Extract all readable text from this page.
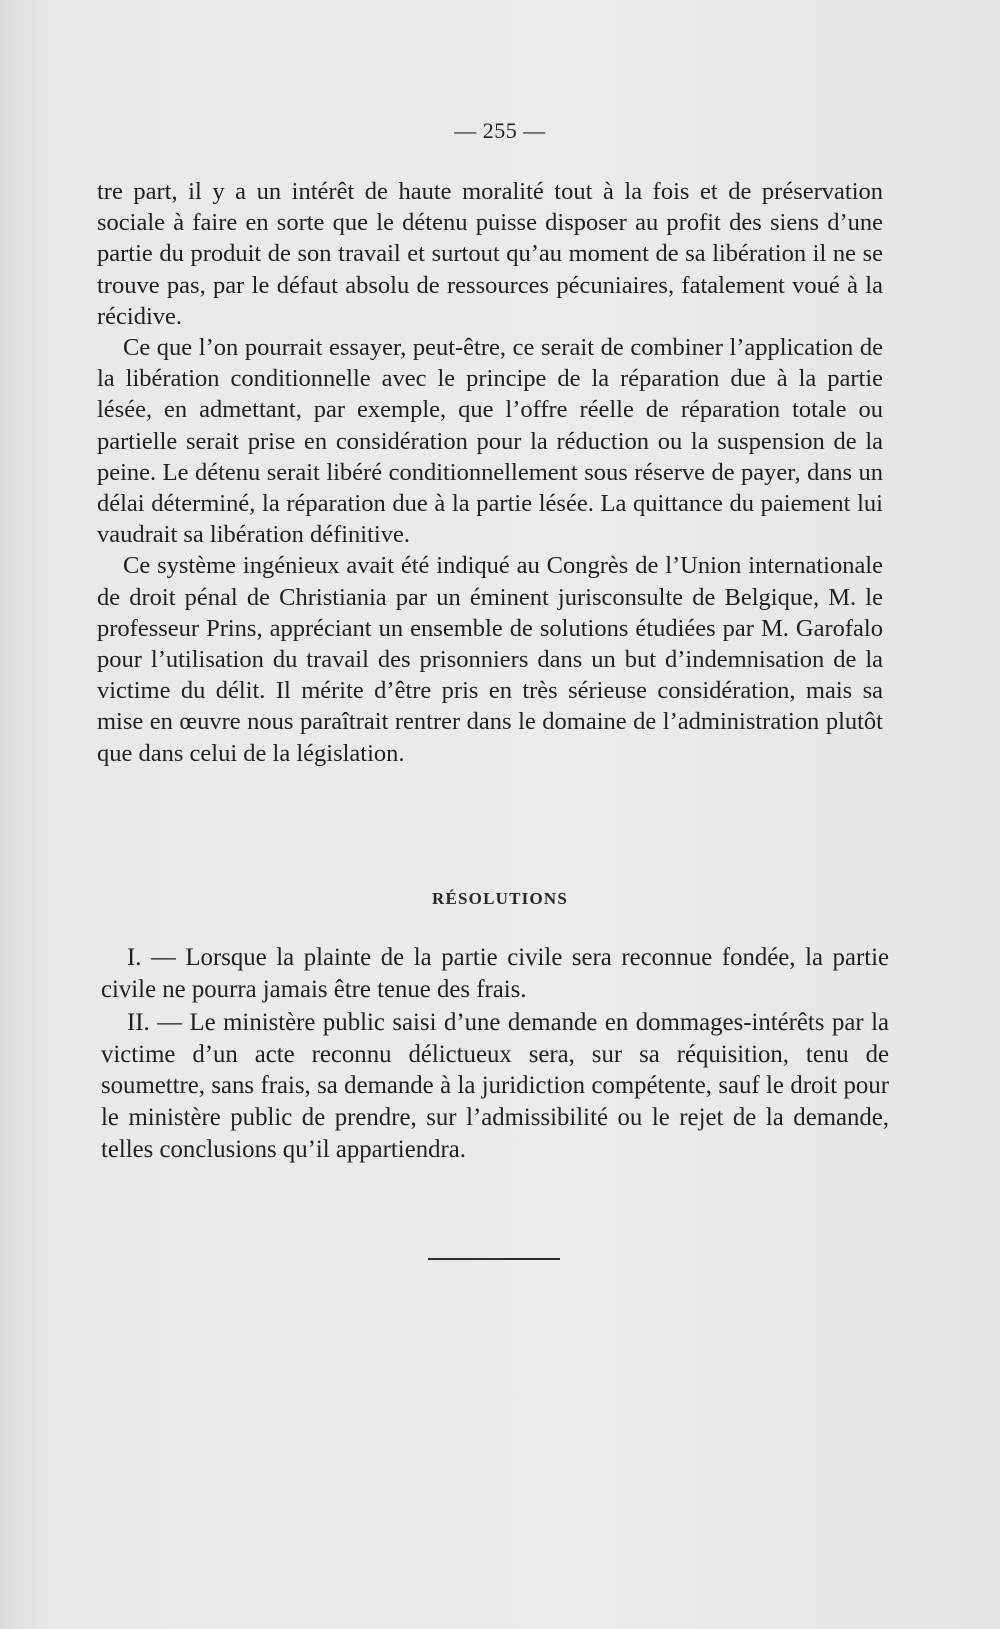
— 255 —

tre part, il y a un intérêt de haute moralité tout à la fois et de préservation sociale à faire en sorte que le détenu puisse disposer au profit des siens d’une partie du produit de son travail et surtout qu’au moment de sa libération il ne se trouve pas, par le défaut absolu de ressources pécuniaires, fatalement voué à la récidive.

Ce que l’on pourrait essayer, peut-être, ce serait de combiner l’application de la libération conditionnelle avec le principe de la réparation due à la partie lésée, en admettant, par exemple, que l’offre réelle de réparation totale ou partielle serait prise en considération pour la réduction ou la suspension de la peine. Le détenu serait libéré conditionnellement sous réserve de payer, dans un délai déterminé, la réparation due à la partie lésée. La quittance du paiement lui vaudrait sa libération définitive.

Ce système ingénieux avait été indiqué au Congrès de l’Union internationale de droit pénal de Christiania par un éminent jurisconsulte de Belgique, M. le professeur Prins, appréciant un ensemble de solutions étudiées par M. Garofalo pour l’utilisation du travail des prisonniers dans un but d’indemnisation de la victime du délit. Il mérite d’être pris en très sérieuse considération, mais sa mise en œuvre nous paraîtrait rentrer dans le domaine de l’administration plutôt que dans celui de la législation.

RÉSOLUTIONS

I. — Lorsque la plainte de la partie civile sera reconnue fondée, la partie civile ne pourra jamais être tenue des frais.

II. — Le ministère public saisi d’une demande en dommages-intérêts par la victime d’un acte reconnu délictueux sera, sur sa réquisition, tenu de soumettre, sans frais, sa demande à la juridiction compétente, sauf le droit pour le ministère public de prendre, sur l’admissibilité ou le rejet de la demande, telles conclusions qu’il appartiendra.
